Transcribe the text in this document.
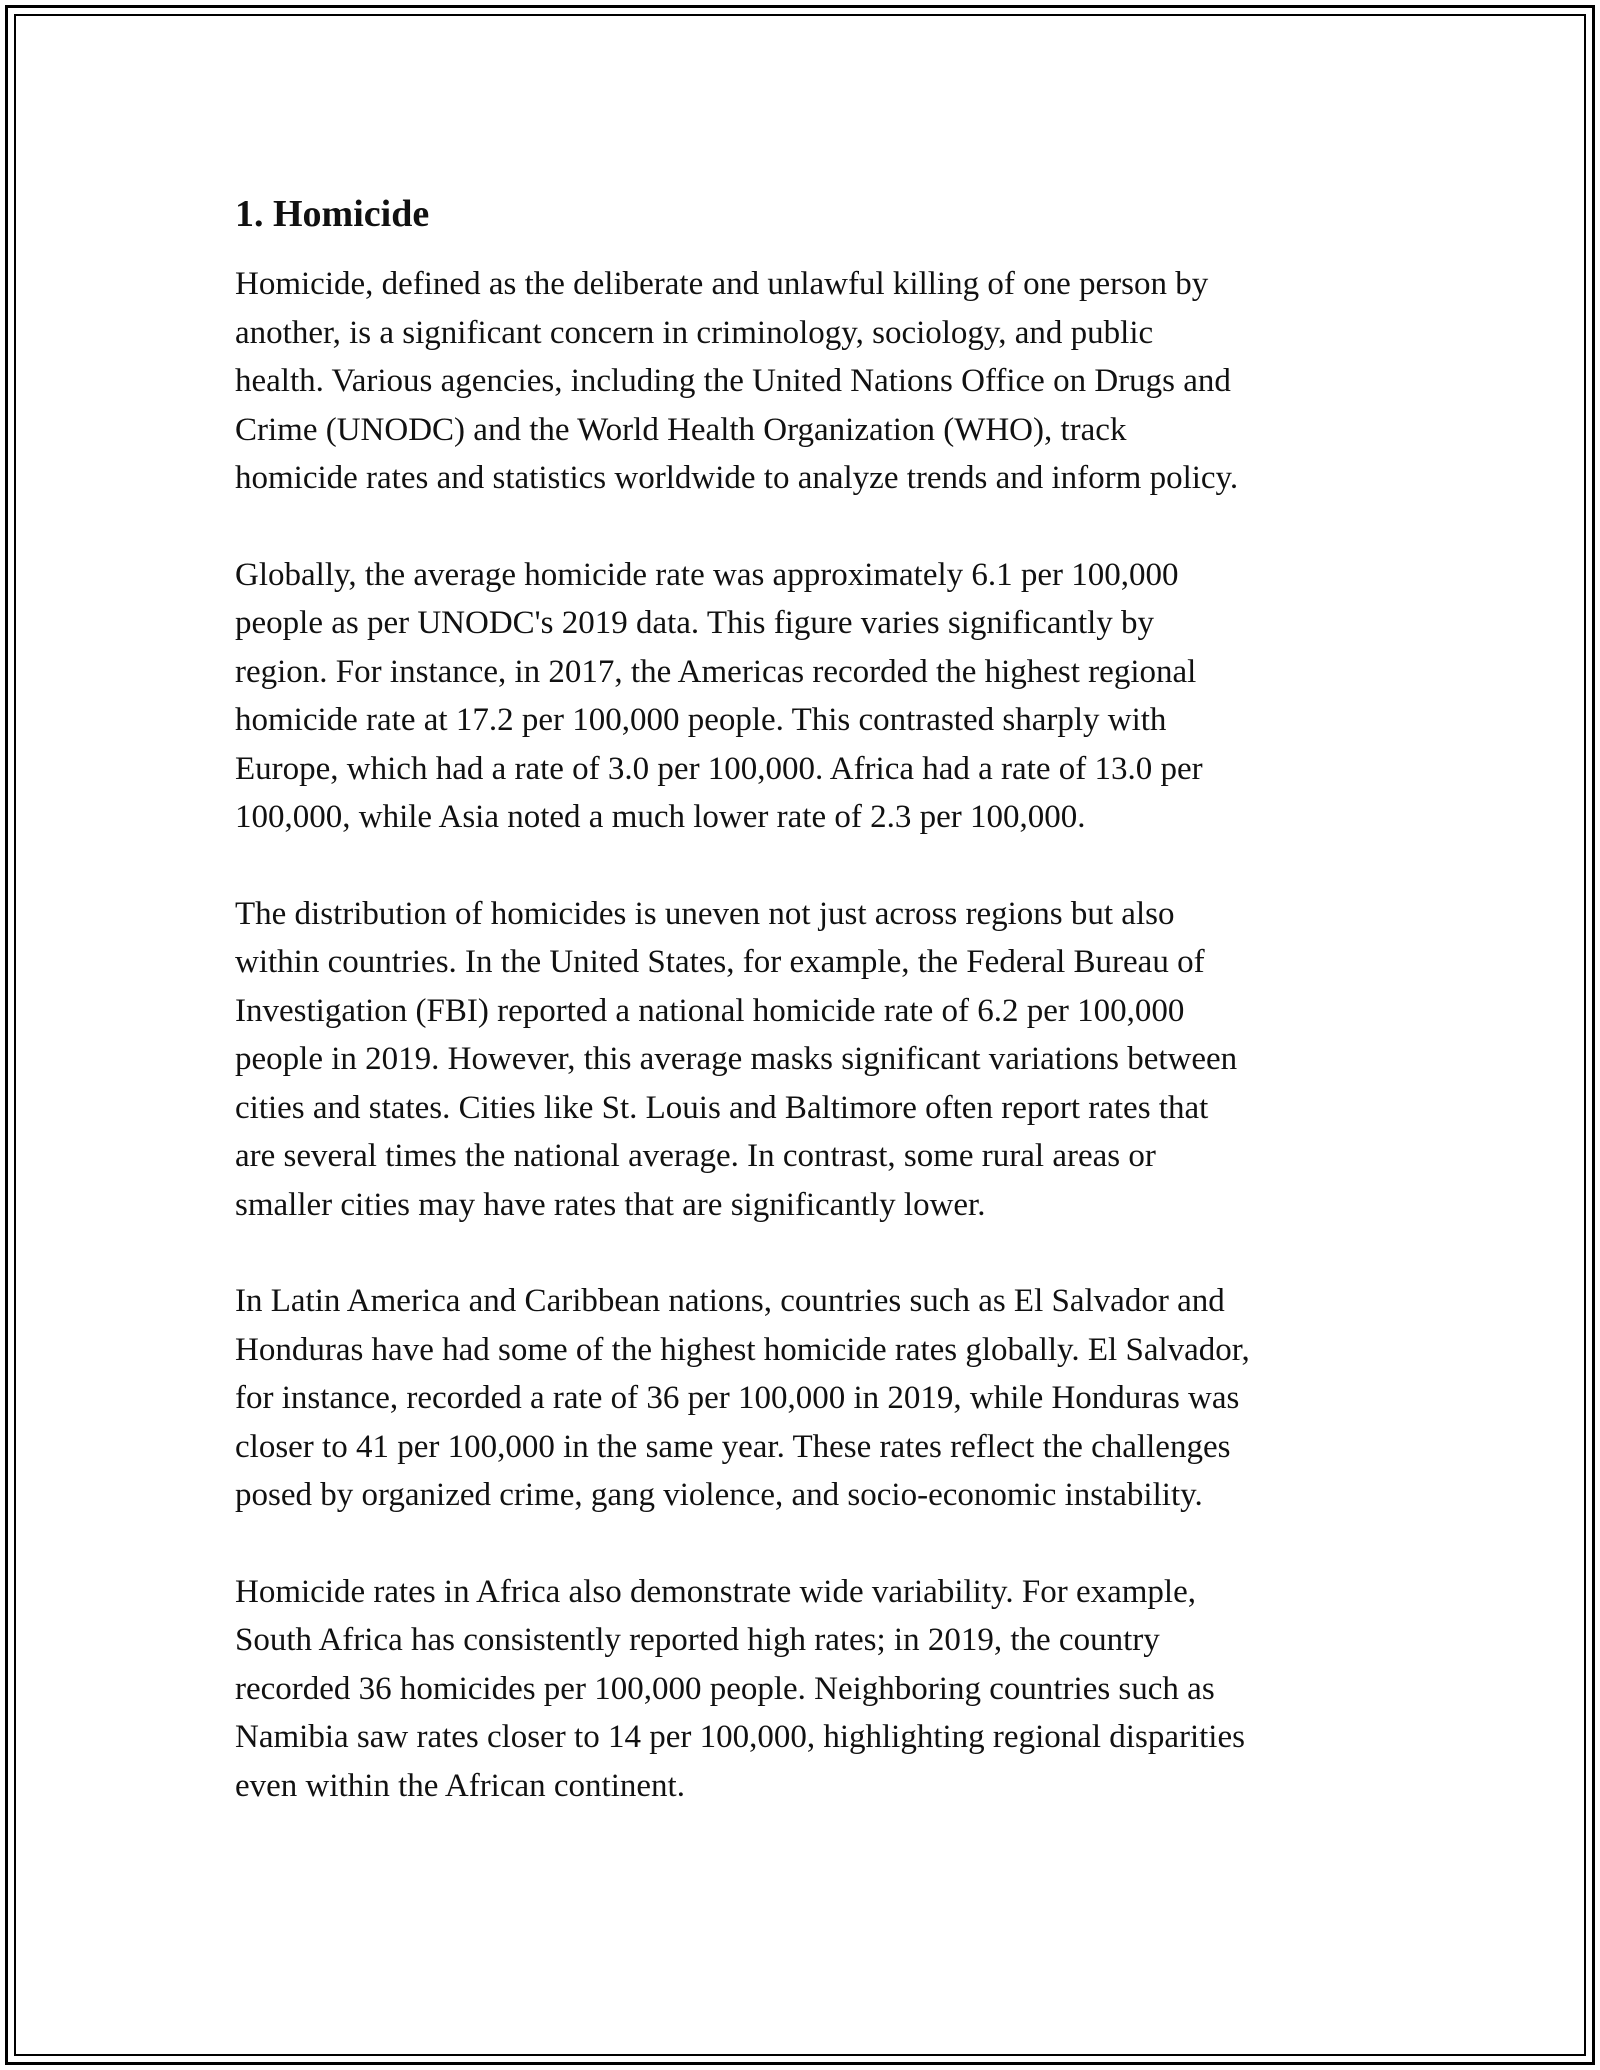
1. Homicide

Homicide, defined as the deliberate and unlawful killing of one person by
another, is a significant concern in criminology, sociology, and public
health. Various agencies, including the United Nations Office on Drugs and
Crime (UNODC) and the World Health Organization (WHO), track
homicide rates and statistics worldwide to analyze trends and inform policy.

Globally, the average homicide rate was approximately 6.1 per 100,000
people as per UNODC's 2019 data. This figure varies significantly by
region. For instance, in 2017, the Americas recorded the highest regional
homicide rate at 17.2 per 100,000 people. This contrasted sharply with
Europe, which had a rate of 3.0 per 100,000. Africa had a rate of 13.0 per
100,000, while Asia noted a much lower rate of 2.3 per 100,000.

The distribution of homicides is uneven not just across regions but also
within countries. In the United States, for example, the Federal Bureau of
Investigation (FBI) reported a national homicide rate of 6.2 per 100,000
people in 2019. However, this average masks significant variations between
cities and states. Cities like St. Louis and Baltimore often report rates that
are several times the national average. In contrast, some rural areas or
smaller cities may have rates that are significantly lower.

In Latin America and Caribbean nations, countries such as El Salvador and
Honduras have had some of the highest homicide rates globally. El Salvador,
for instance, recorded a rate of 36 per 100,000 in 2019, while Honduras was
closer to 41 per 100,000 in the same year. These rates reflect the challenges
posed by organized crime, gang violence, and socio-economic instability.

Homicide rates in Africa also demonstrate wide variability. For example,
South Africa has consistently reported high rates; in 2019, the country
recorded 36 homicides per 100,000 people. Neighboring countries such as
Namibia saw rates closer to 14 per 100,000, highlighting regional disparities
even within the African continent.
